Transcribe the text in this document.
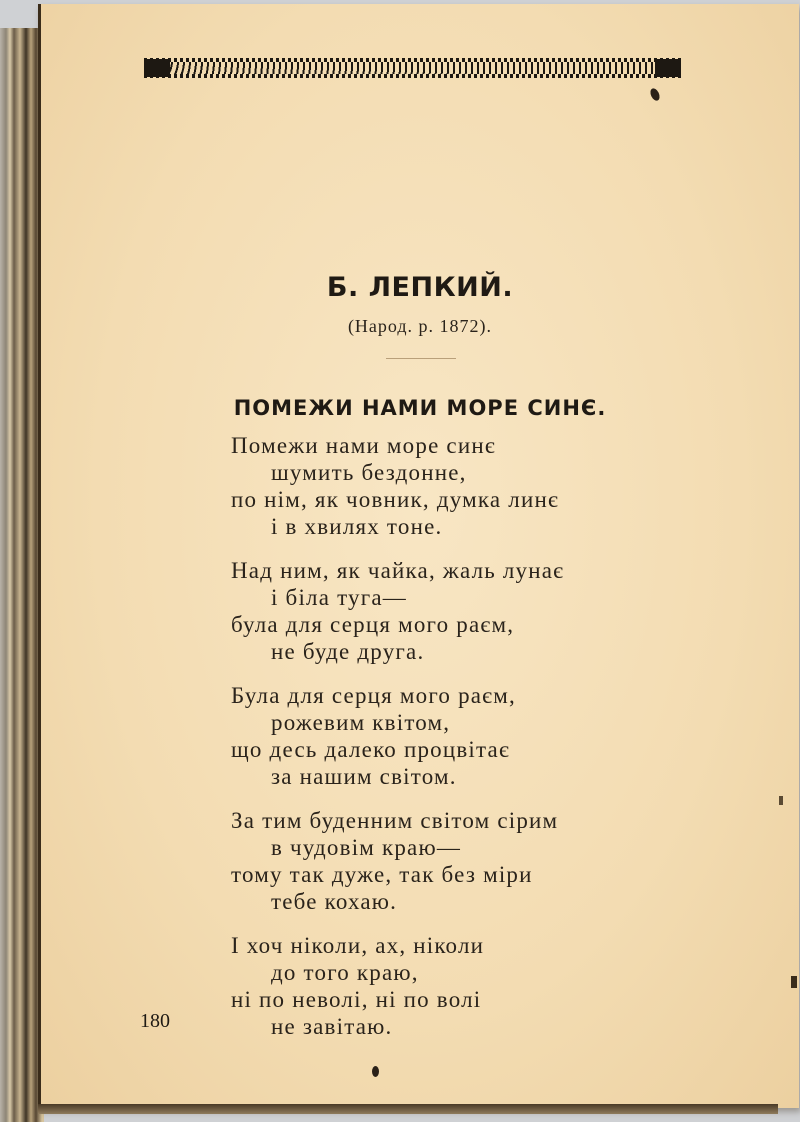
Б. ЛЕПКИЙ.
(Народ. р. 1872).
ПОМЕЖИ НАМИ МОРЕ СИНЄ.
Помежи нами море синє
шумить бездонне,
по нім, як човник, думка линє
і в хвилях тоне.
Над ним, як чайка, жаль лунає
і біла туга—
була для серця мого раєм,
не буде друга.
Була для серця мого раєм,
рожевим квітом,
що десь далеко процвітає
за нашим світом.
За тим буденним світом сірим
в чудовім краю—
тому так дуже, так без міри
тебе кохаю.
І хоч ніколи, ах, ніколи
до того краю,
ні по неволі, ні по волі
не завітаю.
180
